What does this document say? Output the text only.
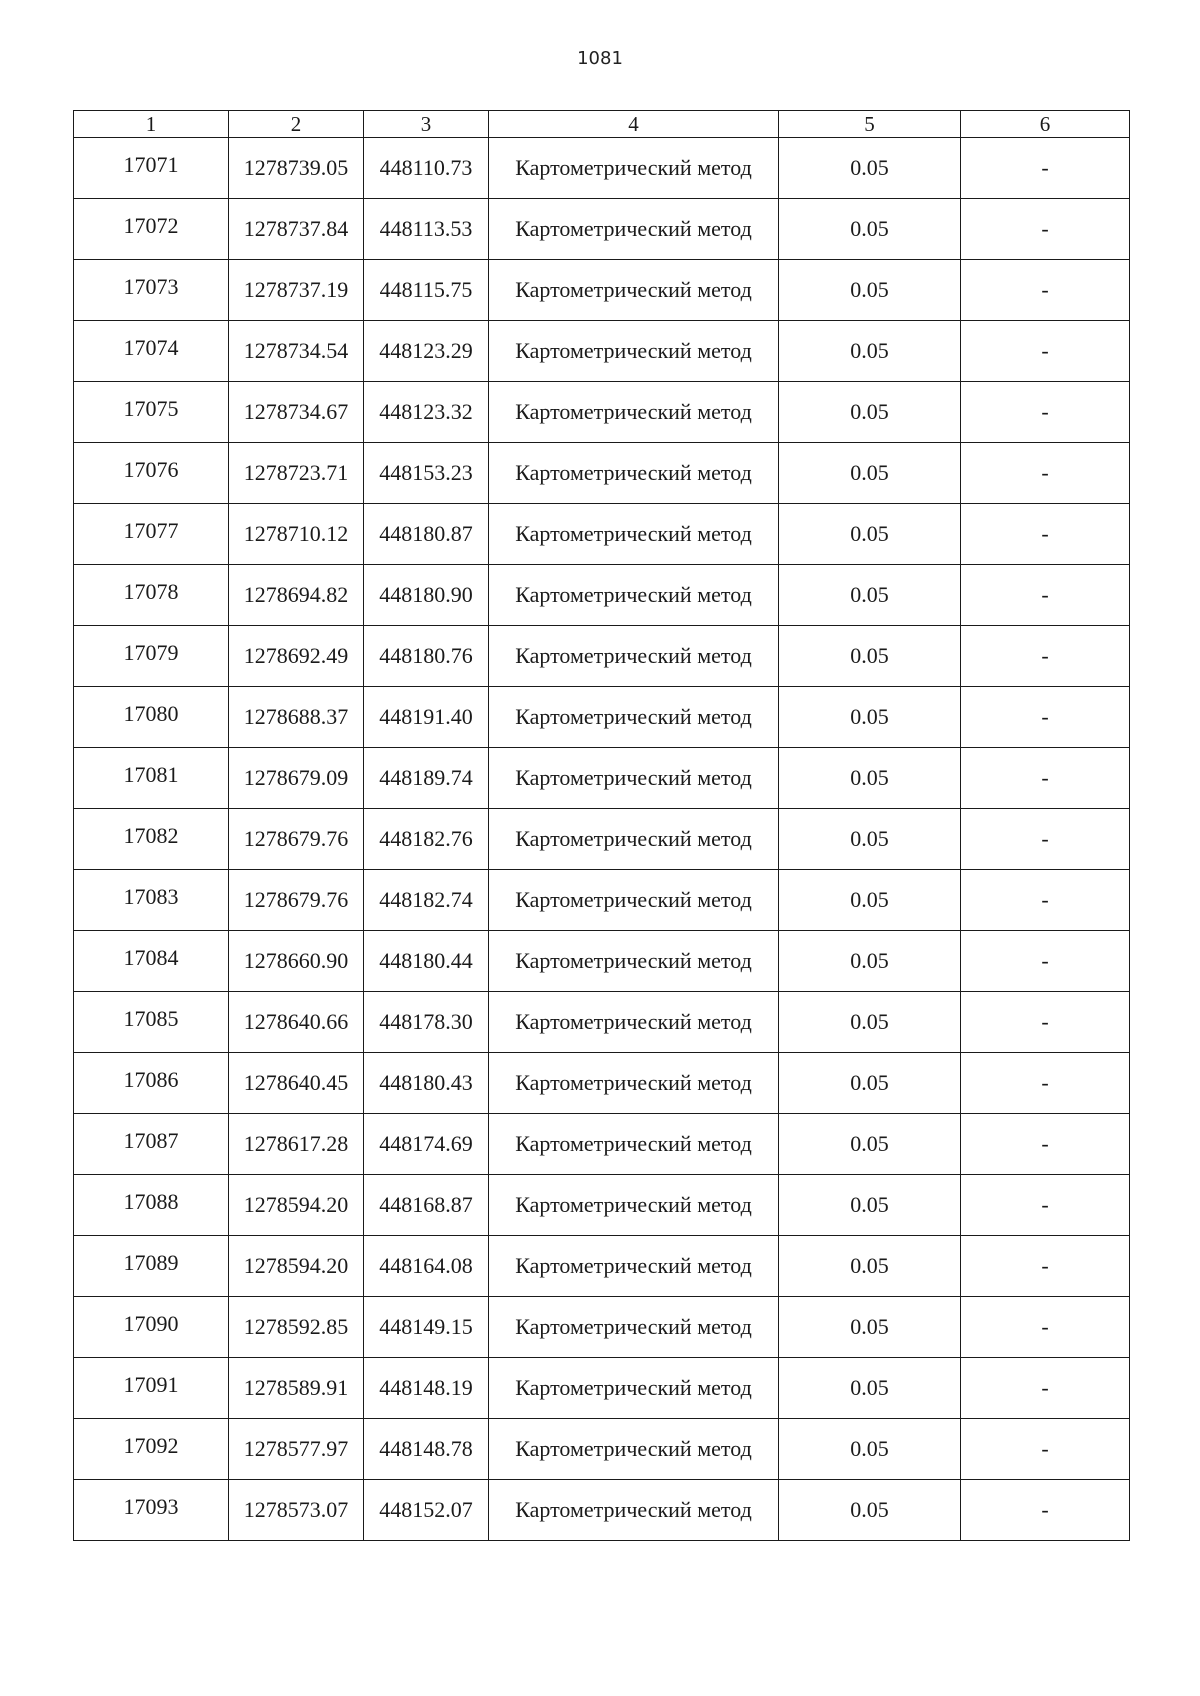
1081
1	2	3	4	5	6
17071	1278739.05	448110.73	Картометрический метод	0.05	-
17072	1278737.84	448113.53	Картометрический метод	0.05	-
17073	1278737.19	448115.75	Картометрический метод	0.05	-
17074	1278734.54	448123.29	Картометрический метод	0.05	-
17075	1278734.67	448123.32	Картометрический метод	0.05	-
17076	1278723.71	448153.23	Картометрический метод	0.05	-
17077	1278710.12	448180.87	Картометрический метод	0.05	-
17078	1278694.82	448180.90	Картометрический метод	0.05	-
17079	1278692.49	448180.76	Картометрический метод	0.05	-
17080	1278688.37	448191.40	Картометрический метод	0.05	-
17081	1278679.09	448189.74	Картометрический метод	0.05	-
17082	1278679.76	448182.76	Картометрический метод	0.05	-
17083	1278679.76	448182.74	Картометрический метод	0.05	-
17084	1278660.90	448180.44	Картометрический метод	0.05	-
17085	1278640.66	448178.30	Картометрический метод	0.05	-
17086	1278640.45	448180.43	Картометрический метод	0.05	-
17087	1278617.28	448174.69	Картометрический метод	0.05	-
17088	1278594.20	448168.87	Картометрический метод	0.05	-
17089	1278594.20	448164.08	Картометрический метод	0.05	-
17090	1278592.85	448149.15	Картометрический метод	0.05	-
17091	1278589.91	448148.19	Картометрический метод	0.05	-
17092	1278577.97	448148.78	Картометрический метод	0.05	-
17093	1278573.07	448152.07	Картометрический метод	0.05	-
